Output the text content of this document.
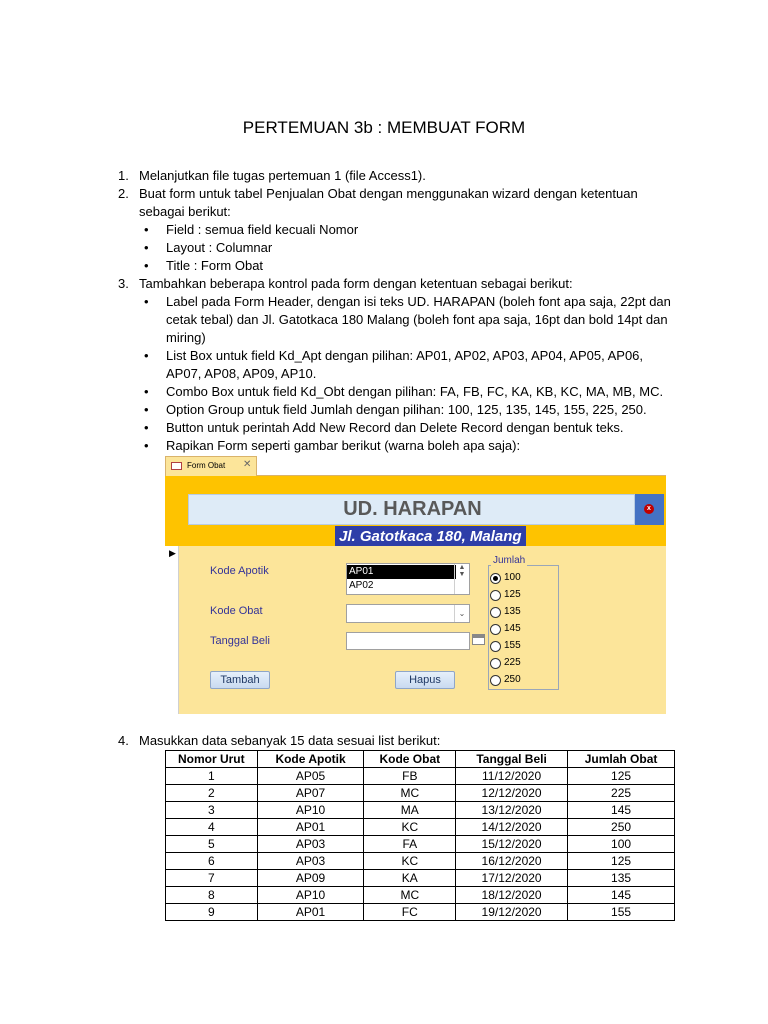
PERTEMUAN 3b : MEMBUAT FORM
1. Melanjutkan file tugas pertemuan 1 (file Access1).
2. Buat form untuk tabel Penjualan Obat dengan menggunakan wizard dengan ketentuan sebagai berikut:
• Field : semua field kecuali Nomor
• Layout : Columnar
• Title : Form Obat
3. Tambahkan beberapa kontrol pada form dengan ketentuan sebagai berikut:
• Label pada Form Header, dengan isi teks UD. HARAPAN (boleh font apa saja, 22pt dan cetak tebal) dan Jl. Gatotkaca 180 Malang (boleh font apa saja, 16pt dan bold 14pt dan miring)
• List Box untuk field Kd_Apt dengan pilihan: AP01, AP02, AP03, AP04, AP05, AP06, AP07, AP08, AP09, AP10.
• Combo Box untuk field Kd_Obt dengan pilihan: FA, FB, FC, KA, KB, KC, MA, MB, MC.
• Option Group untuk field Jumlah dengan pilihan: 100, 125, 135, 145, 155, 225, 250.
• Button untuk perintah Add New Record dan Delete Record dengan bentuk teks.
• Rapikan Form seperti gambar berikut (warna boleh apa saja):
Form Obat ✕
UD. HARAPAN	x
Jl. Gatotkaca 180, Malang
▶
Kode Apotik
Kode Obat
Tanggal Beli
AP01
AP02
▲
▼
⌄
Tambah	Hapus
Jumlah
100
125
135
145
155
225
250
4. Masukkan data sebanyak 15 data sesuai list berikut:
Nomor Urut	Kode Apotik	Kode Obat	Tanggal Beli	Jumlah Obat
1	AP05	FB	11/12/2020	125
2	AP07	MC	12/12/2020	225
3	AP10	MA	13/12/2020	145
4	AP01	KC	14/12/2020	250
5	AP03	FA	15/12/2020	100
6	AP03	KC	16/12/2020	125
7	AP09	KA	17/12/2020	135
8	AP10	MC	18/12/2020	145
9	AP01	FC	19/12/2020	155
